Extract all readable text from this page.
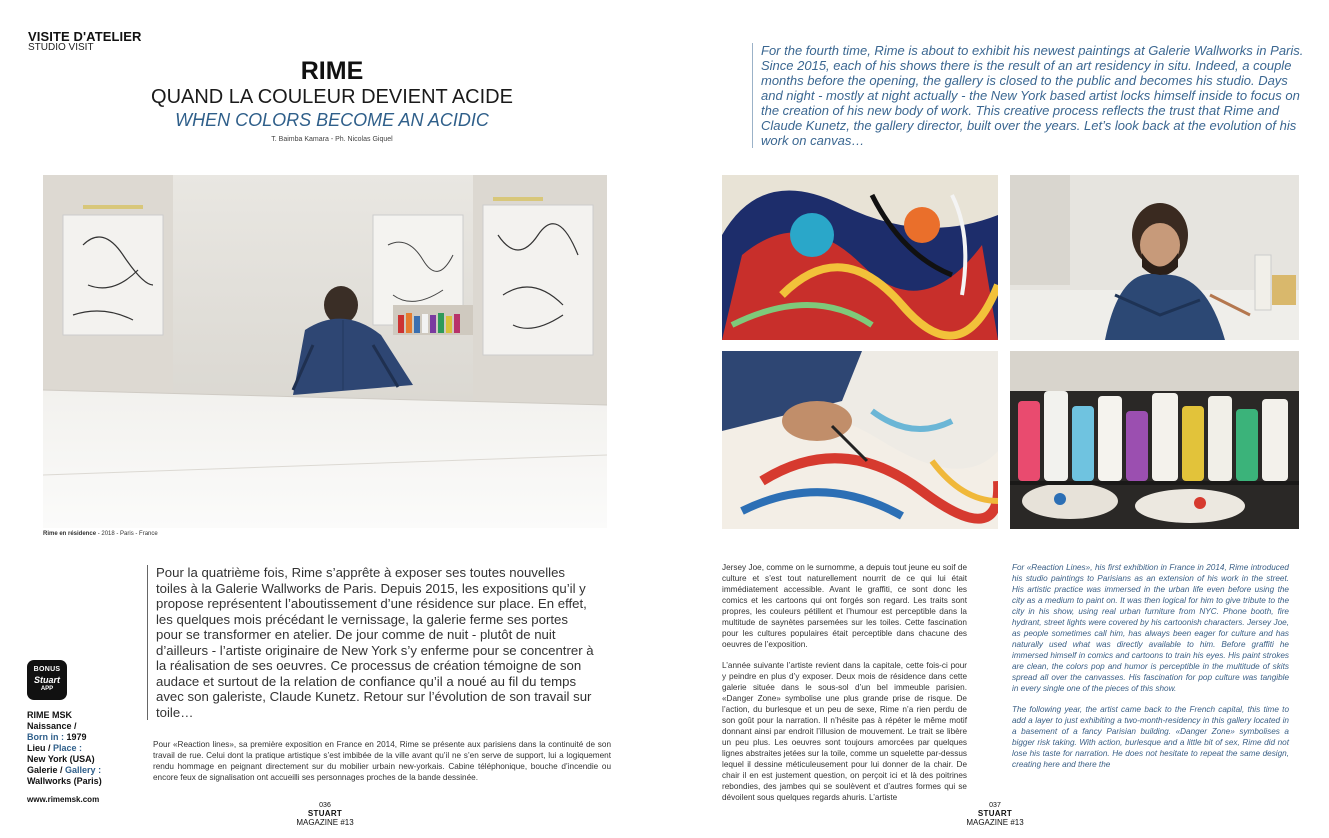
VISITE D'ATELIER
STUDIO VISIT
RIME
QUAND LA COULEUR DEVIENT ACIDE
WHEN COLORS BECOME AN ACIDIC
T. Baimba Kamara - Ph. Nicolas Giquel
Rime en résidence - 2018 - Paris - France

Pour la quatrième fois, Rime s’apprête à exposer ses toutes nouvelles toiles à la Galerie Wallworks de Paris. Depuis 2015, les expositions qu’il y propose représentent l’aboutissement d’une résidence sur place. En effet, les quelques mois précédant le vernissage, la galerie ferme ses portes pour se transformer en atelier. De jour comme de nuit - plutôt de nuit d’ailleurs - l’artiste originaire de New York s’y enferme pour se concentrer à la réalisation de ses oeuvres. Ce processus de création témoigne de son audace et surtout de la relation de confiance qu’il a noué au fil du temps avec son galeriste, Claude Kunetz. Retour sur l’évolution de son travail sur toile…

BONUS
Stuart
APP
RIME MSK
Naissance /
Born in : 1979
Lieu / Place :
New York (USA)
Galerie / Gallery :
Wallworks (Paris)
www.rimemsk.com

Pour «Reaction lines», sa première exposition en France en 2014, Rime se présente aux parisiens dans la continuité de son travail de rue. Celui dont la pratique artistique s’est imbibée de la ville avant qu’il ne s’en serve de support, lui a logiquement rendu hommage en peignant directement sur du mobilier urbain new-yorkais. Cabine téléphonique, bouche d’incendie ou encore feux de signalisation ont accueilli ses personnages proches de la bande dessinée.

036
STUART MAGAZINE #13
For the fourth time, Rime is about to exhibit his newest paintings at Galerie Wallworks in Paris. Since 2015, each of his shows there is the result of an art residency in situ. Indeed, a couple months before the opening, the gallery is closed to the public and becomes his studio. Days and night - mostly at night actually - the New York based artist locks himself inside to focus on the creation of his new body of work. This creative process reflects the trust that Rime and Claude Kunetz, the gallery director, built over the years. Let’s look back at the evolution of his work on canvas…

Jersey Joe, comme on le surnomme, a depuis tout jeune eu soif de culture et s’est tout naturellement nourrit de ce qui lui était immédiatement accessible. Avant le graffiti, ce sont donc les comics et les cartoons qui ont forgés son regard. Les traits sont propres, les couleurs pétillent et l’humour est perceptible dans la multitude de saynètes parsemées sur les toiles. Cette fascination pour les cultures populaires était perceptible dans chacune des oeuvres de l’exposition.

L’année suivante l’artiste revient dans la capitale, cette fois-ci pour y peindre en plus d’y exposer. Deux mois de résidence dans cette galerie située dans le sous-sol d’un bel immeuble parisien. «Danger Zone» symbolise une plus grande prise de risque. De l’action, du burlesque et un peu de sexe, Rime n’a rien perdu de son goût pour la narration. Il n’hésite pas à répéter le même motif donnant ainsi par endroit l’illusion de mouvement. Le trait se libère un peu plus. Les oeuvres sont toujours amorcées par quelques lignes abstraites jetées sur la toile, comme un squelette par-dessus lequel il dessine méticuleusement pour lui donner de la chair. De chair il en est justement question, on perçoit ici et là des poitrines rebondies, des jambes qui se soulèvent et d’autres formes qui se dévoilent sous quelques regards ahuris. L’artiste

For «Reaction Lines», his first exhibition in France in 2014, Rime introduced his studio paintings to Parisians as an extension of his work in the street. His artistic practice was immersed in the urban life even before using the city as a medium to paint on. It was then logical for him to give tribute to the city in his show, using real urban furniture from NYC. Phone booth, fire hydrant, street lights were covered by his cartoonish characters. Jersey Joe, as people sometimes call him, has always been eager for culture and has naturally used what was directly available to him. Before graffiti he immersed himself in comics and cartoons to train his eyes. His paint strokes are clean, the colors pop and humor is perceptible in the multitude of skits spread all over the canvasses. His fascination for pop culture was tangible in every single one of the pieces of this show.

The following year, the artist came back to the French capital, this time to add a layer to just exhibiting a two-month-residency in this gallery located in a basement of a fancy Parisian building. «Danger Zone» symbolises a bigger risk taking. With action, burlesque and a little bit of sex, Rime did not lose his taste for narration. He does not hesitate to repeat the same design, creating here and there the

037
STUART MAGAZINE #13
